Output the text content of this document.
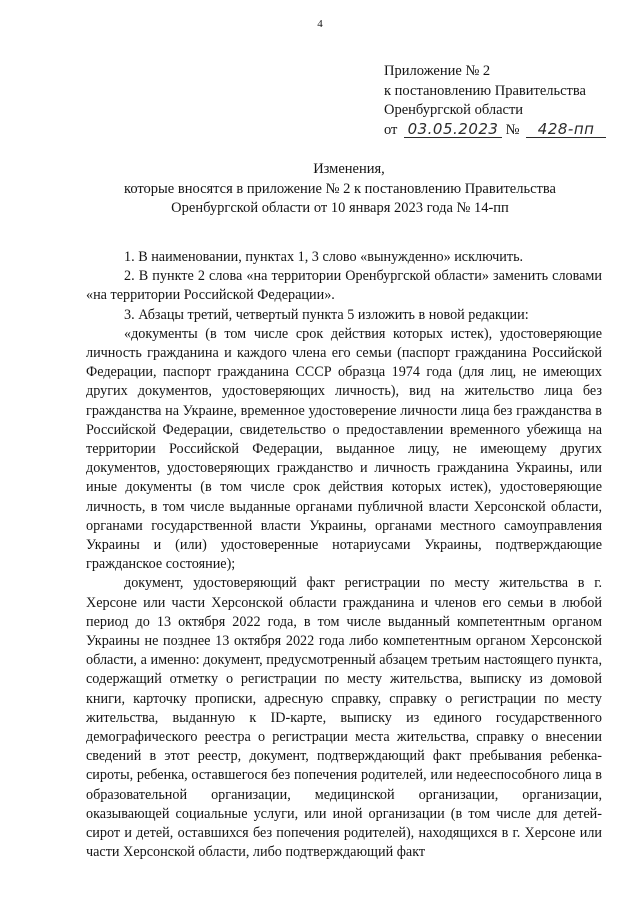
4
Приложение № 2
к постановлению Правительства
Оренбургской области
от 03.05.2023 № 428-пп
Изменения,
которые вносятся в приложение № 2 к постановлению Правительства
Оренбургской области от 10 января 2023 года № 14-пп

1. В наименовании, пунктах 1, 3 слово «вынужденно» исключить.

2. В пункте 2 слова «на территории Оренбургской области» заменить словами «на территории Российской Федерации».

3. Абзацы третий, четвертый пункта 5 изложить в новой редакции:

«документы (в том числе срок действия которых истек), удостоверяющие личность гражданина и каждого члена его семьи (паспорт гражданина Российской Федерации, паспорт гражданина СССР образца 1974 года (для лиц, не имеющих других документов, удостоверяющих личность), вид на жительство лица без гражданства на Украине, временное удостоверение личности лица без гражданства в Российской Федерации, свидетельство о предоставлении временного убежища на территории Российской Федерации, выданное лицу, не имеющему других документов, удостоверяющих гражданство и личность гражданина Украины, или иные документы (в том числе срок действия которых истек), удостоверяющие личность, в том числе выданные органами публичной власти Херсонской области, органами государственной власти Украины, органами местного самоуправления Украины и (или) удостоверенные нотариусами Украины, подтверждающие гражданское состояние);

документ, удостоверяющий факт регистрации по месту жительства в г. Херсоне или части Херсонской области гражданина и членов его семьи в любой период до 13 октября 2022 года, в том числе выданный компетентным органом Украины не позднее 13 октября 2022 года либо компетентным органом Херсонской области, а именно: документ, предусмотренный абзацем третьим настоящего пункта, содержащий отметку о регистрации по месту жительства, выписку из домовой книги, карточку прописки, адресную справку, справку о регистрации по месту жительства, выданную к ID-карте, выписку из единого государственного демографического реестра о регистрации места жительства, справку о внесении сведений в этот реестр, документ, подтверждающий факт пребывания ребенка-сироты, ребенка, оставшегося без попечения родителей, или недееспособного лица в образовательной организации, медицинской организации, организации, оказывающей социальные услуги, или иной организации (в том числе для детей-сирот и детей, оставшихся без попечения родителей), находящихся в г. Херсоне или части Херсонской области, либо подтверждающий факт
